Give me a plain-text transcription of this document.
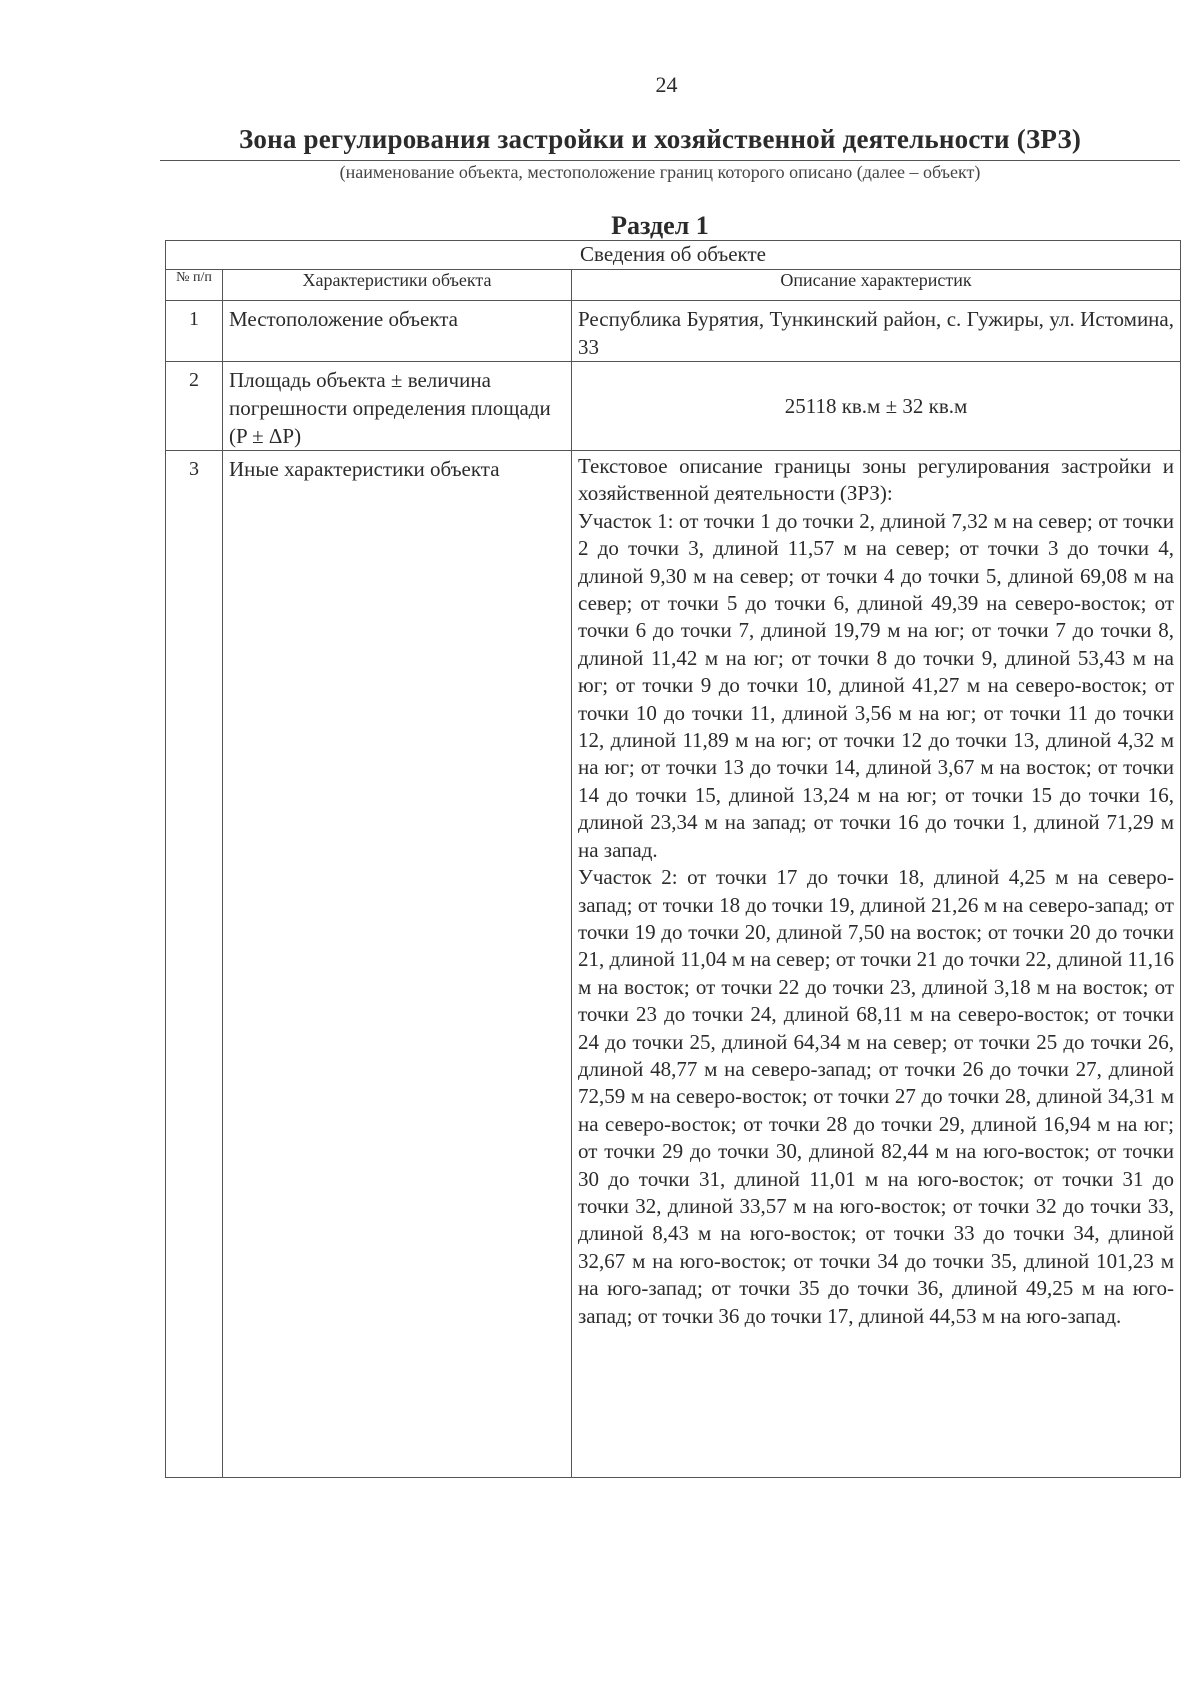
24
Зона регулирования застройки и хозяйственной деятельности (ЗРЗ)
(наименование объекта, местоположение границ которого описано (далее – объект)
Раздел 1
Сведения об объекте		
№ п/п	Характеристики объекта	Описание характеристик
1	Местоположение объекта	Республика Бурятия, Тункинский район, с. Гужиры, ул. Истомина, 33
2	Площадь объекта ± величина погрешности определения площади (P ± ΔP)	25118 кв.м ± 32 кв.м
3	Иные характеристики объекта	Текстовое описание границы зоны регулирования застройки и хозяйственной деятельности (ЗРЗ):
Участок 1: от точки 1 до точки 2, длиной 7,32 м на север; от точки 2 до точки 3, длиной 11,57 м на север; от точки 3 до точки 4, длиной 9,30 м на север; от точки 4 до точки 5, длиной 69,08 м на север; от точки 5 до точки 6, длиной 49,39 на северо-восток; от точки 6 до точки 7, длиной 19,79 м на юг; от точки 7 до точки 8, длиной 11,42 м на юг; от точки 8 до точки 9, длиной 53,43 м на юг; от точки 9 до точки 10, длиной 41,27 м на северо-восток; от точки 10 до точки 11, длиной 3,56 м на юг; от точки 11 до точки 12, длиной 11,89 м на юг; от точки 12 до точки 13, длиной 4,32 м на юг; от точки 13 до точки 14, длиной 3,67 м на восток; от точки 14 до точки 15, длиной 13,24 м на юг; от точки 15 до точки 16, длиной 23,34 м на запад; от точки 16 до точки 1, длиной 71,29 м на запад.
Участок 2: от точки 17 до точки 18, длиной 4,25 м на северо-запад; от точки 18 до точки 19, длиной 21,26 м на северо-запад; от точки 19 до точки 20, длиной 7,50 на восток; от точки 20 до точки 21, длиной 11,04 м на север; от точки 21 до точки 22, длиной 11,16 м на восток; от точки 22 до точки 23, длиной 3,18 м на восток; от точки 23 до точки 24, длиной 68,11 м на северо-восток; от точки 24 до точки 25, длиной 64,34 м на север; от точки 25 до точки 26, длиной 48,77 м на северо-запад; от точки 26 до точки 27, длиной 72,59 м на северо-восток; от точки 27 до точки 28, длиной 34,31 м на северо-восток; от точки 28 до точки 29, длиной 16,94 м на юг; от точки 29 до точки 30, длиной 82,44 м на юго-восток; от точки 30 до точки 31, длиной 11,01 м на юго-восток; от точки 31 до точки 32, длиной 33,57 м на юго-восток; от точки 32 до точки 33, длиной 8,43 м на юго-восток; от точки 33 до точки 34, длиной 32,67 м на юго-восток; от точки 34 до точки 35, длиной 101,23 м на юго-запад; от точки 35 до точки 36, длиной 49,25 м на юго-запад; от точки 36 до точки 17, длиной 44,53 м на юго-запад.
